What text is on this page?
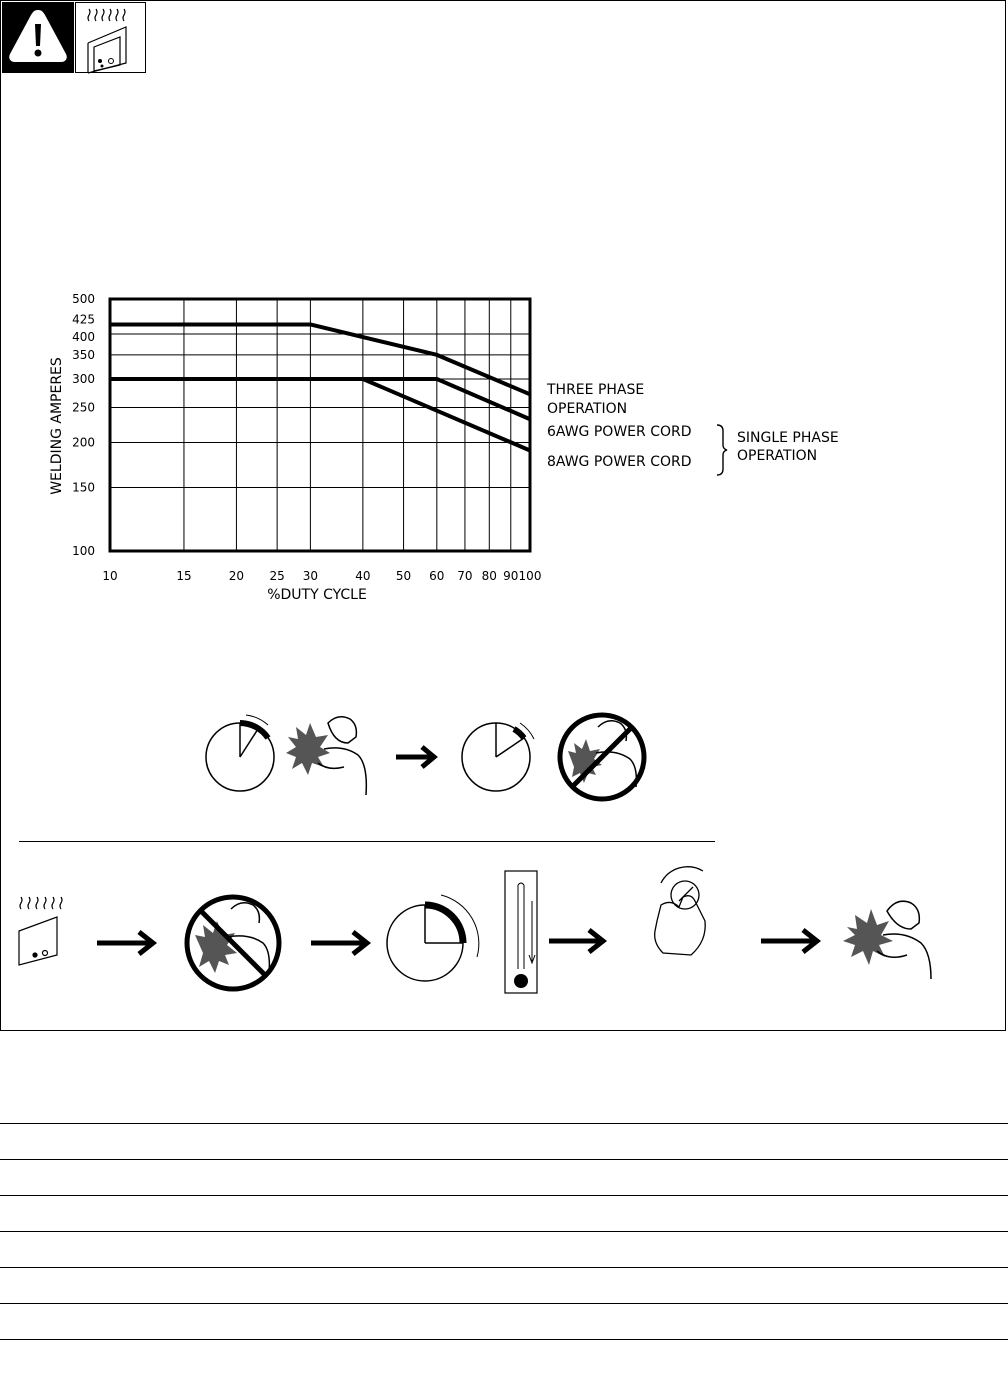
10	15	20 25 30	40 50 60 70 80 90 100
100
150
200
250
300
350
400
425
500
%DUTY CYCLE
WELDING AMPERES	THREE PHASE
OPERATION
6AWG POWER CORD
8AWG POWER CORD
SINGLE PHASE
OPERATION
